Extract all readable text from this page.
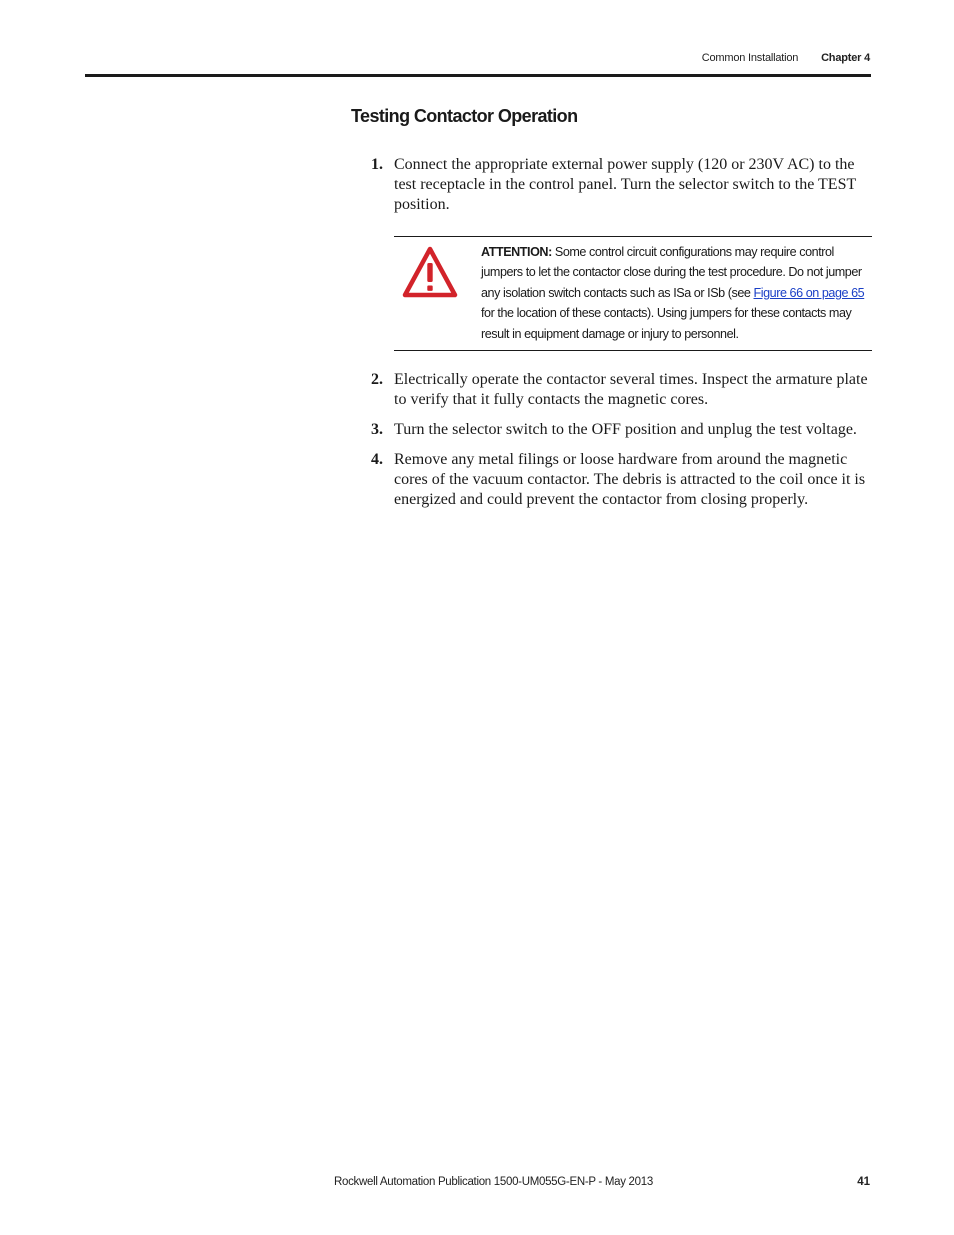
Common Installation Chapter 4
Testing Contactor Operation
1. Connect the appropriate external power supply (120 or 230V AC) to the test receptacle in the control panel. Turn the selector switch to the TEST position.
ATTENTION: Some control circuit configurations may require control jumpers to let the contactor close during the test procedure. Do not jumper any isolation switch contacts such as ISa or ISb (see Figure 66 on page 65 for the location of these contacts). Using jumpers for these contacts may result in equipment damage or injury to personnel.
2. Electrically operate the contactor several times. Inspect the armature plate to verify that it fully contacts the magnetic cores.
3. Turn the selector switch to the OFF position and unplug the test voltage.
4. Remove any metal filings or loose hardware from around the magnetic cores of the vacuum contactor. The debris is attracted to the coil once it is energized and could prevent the contactor from closing properly.
Rockwell Automation Publication 1500-UM055G-EN-P - May 2013	41
